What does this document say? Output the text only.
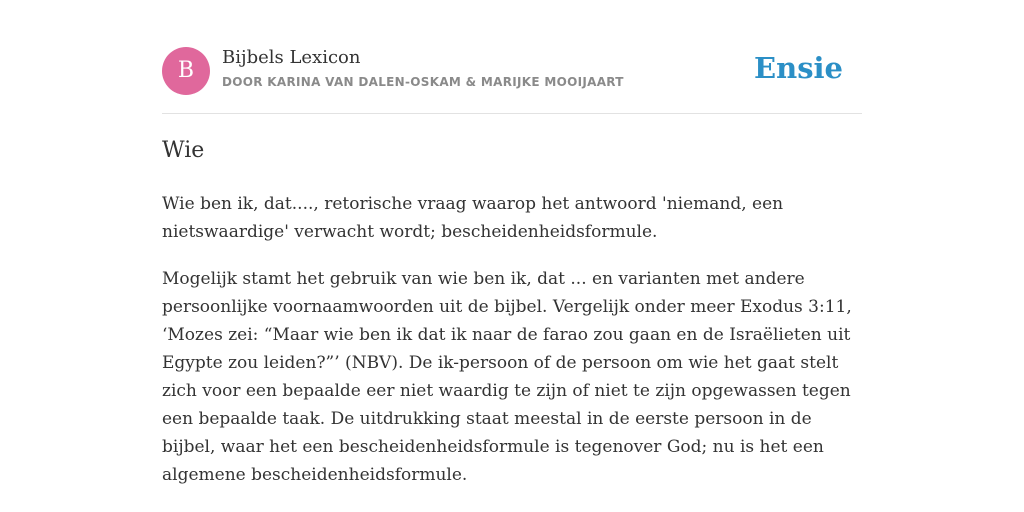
B
Bijbels Lexicon
DOOR KARINA VAN DALEN-OSKAM & MARIJKE MOOIJAART	Ensie
Wie

Wie ben ik, dat...., retorische vraag waarop het antwoord 'niemand, een nietswaardige' verwacht wordt; bescheidenheidsformule.

Mogelijk stamt het gebruik van wie ben ik, dat ... en varianten met andere persoonlijke voornaamwoorden uit de bijbel. Vergelijk onder meer Exodus 3:11, ‘Mozes zei: “Maar wie ben ik dat ik naar de farao zou gaan en de Israëlieten uit Egypte zou leiden?”’ (NBV). De ik-persoon of de persoon om wie het gaat stelt zich voor een bepaalde eer niet waardig te zijn of niet te zijn opgewassen tegen een bepaalde taak. De uitdrukking staat meestal in de eerste persoon in de bijbel, waar het een bescheidenheidsformule is tegenover God; nu is het een algemene bescheidenheidsformule.
